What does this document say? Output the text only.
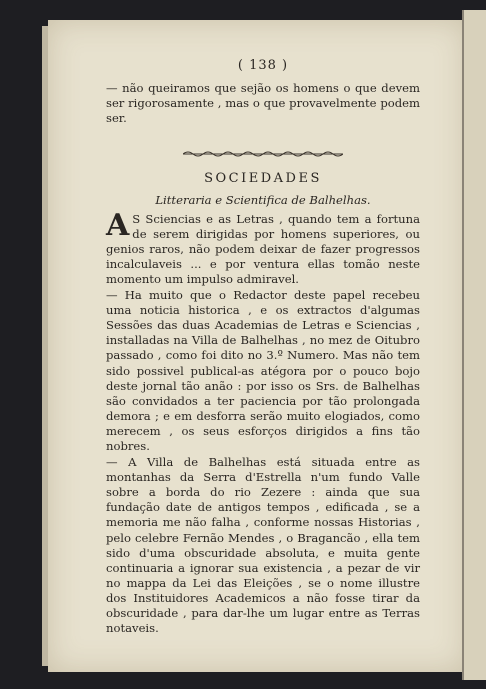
( 138 )

— não queiramos que sejão os homens o que devem ser rigorosamente , mas o que provavelmente podem ser.

SOCIEDADES
Litteraria e Scientifica de Balhelhas.

A S Sciencias e as Letras , quando tem a fortuna de serem dirigidas por homens superiores, ou genios raros, não podem deixar de fazer progressos incalculaveis ... e por ventura ellas tomão neste momento um impulso admiravel.

— Ha muito que o Redactor deste papel recebeu uma noticia historica , e os extractos d'algumas Sessões das duas Academias de Letras e Sciencias , installadas na Villa de Balhelhas , no mez de Oitubro passado , como foi dito no 3.º Numero. Mas não tem sido possivel publical-as atégora por o pouco bojo deste jornal tão anão : por isso os Srs. de Balhelhas são convidados a ter paciencia por tão prolongada demora ; e em desforra serão muito elogiados, como merecem , os seus esforços dirigidos a fins tão nobres.

— A Villa de Balhelhas está situada entre as montanhas da Serra d'Estrella n'um fundo Valle sobre a borda do rio Zezere : ainda que sua fundação date de antigos tempos , edificada , se a memoria me não falha , conforme nossas Historias , pelo celebre Fernão Mendes , o Bragancão , ella tem sido d'uma obscuridade absoluta, e muita gente continuaria a ignorar sua existencia , a pezar de vir no mappa da Lei das Eleições , se o nome illustre dos Instituidores Academicos a não fosse tirar da obscuridade , para dar-lhe um lugar entre as Terras notaveis.
